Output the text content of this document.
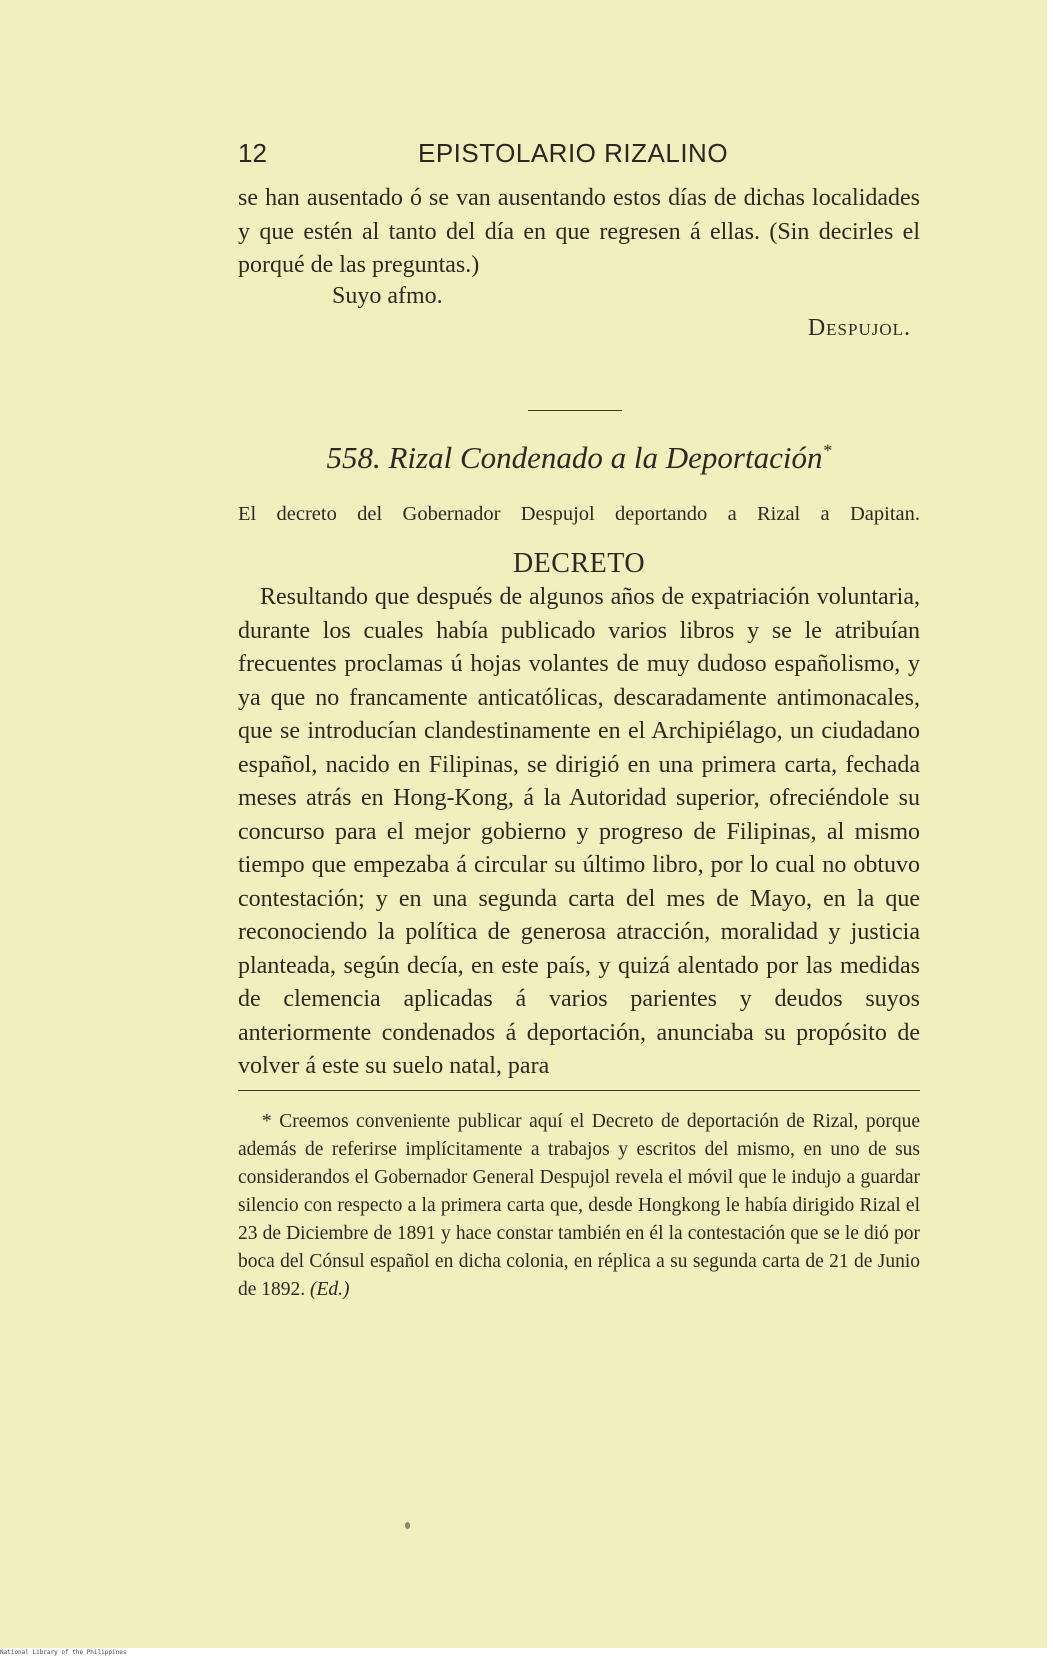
12	EPISTOLARIO RIZALINO

se han ausentado ó se van ausentando estos días de dichas localidades y que estén al tanto del día en que regresen á ellas. (Sin decirles el porqué de las preguntas.)

Suyo afmo.
Despujol.
558. Rizal Condenado a la Deportación*
El decreto del Gobernador Despujol deportando a Rizal a Dapitan.
DECRETO

Resultando que después de algunos años de expatriación voluntaria, durante los cuales había publicado varios libros y se le atribuían frecuentes proclamas ú hojas volantes de muy dudoso españolismo, y ya que no francamente anticatólicas, descaradamente antimonacales, que se introducían clandestinamente en el Archipiélago, un ciudadano español, nacido en Filipinas, se dirigió en una primera carta, fechada meses atrás en Hong-Kong, á la Autoridad superior, ofreciéndole su concurso para el mejor gobierno y progreso de Filipinas, al mismo tiempo que empezaba á circular su último libro, por lo cual no obtuvo contestación; y en una segunda carta del mes de Mayo, en la que reconociendo la política de generosa atracción, moralidad y justicia planteada, según decía, en este país, y quizá alentado por las medidas de clemencia aplicadas á varios parientes y deudos suyos anteriormente condenados á deportación, anunciaba su propósito de volver á este su suelo natal, para

* Creemos conveniente publicar aquí el Decreto de deportación de Rizal, porque además de referirse implícitamente a trabajos y escritos del mismo, en uno de sus considerandos el Gobernador General Despujol revela el móvil que le indujo a guardar silencio con respecto a la primera carta que, desde Hongkong le había dirigido Rizal el 23 de Diciembre de 1891 y hace constar también en él la contestación que se le dió por boca del Cónsul español en dicha colonia, en réplica a su segunda carta de 21 de Junio de 1892. (Ed.)

National Library of the Philippines
